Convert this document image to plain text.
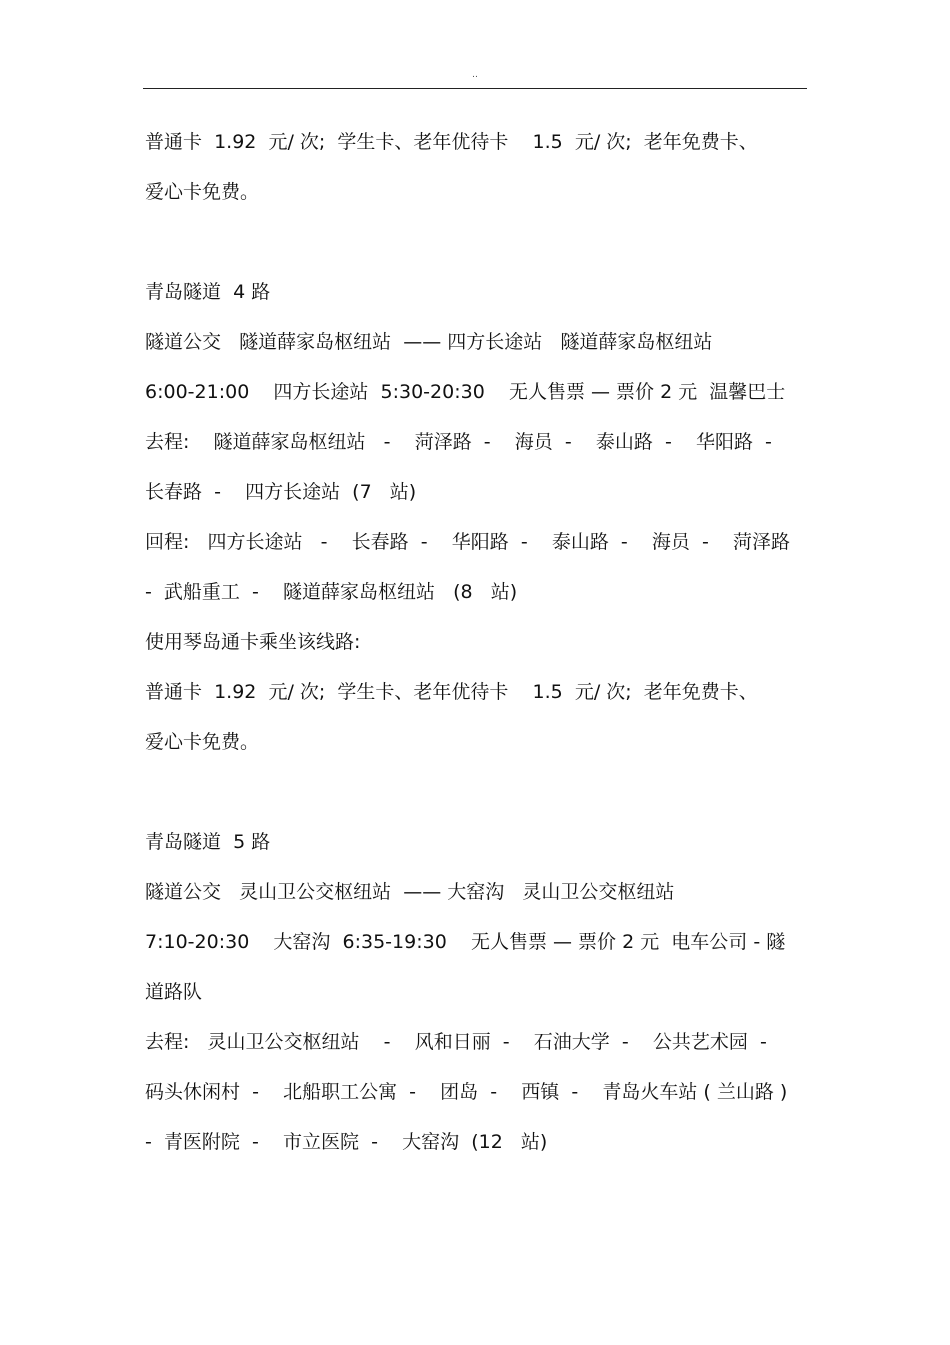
..
普通卡  1.92  元/ 次;  学生卡、老年优待卡    1.5  元/ 次;  老年免费卡、
爱心卡免费。
青岛隧道  4 路
隧道公交   隧道薛家岛枢纽站  —— 四方长途站   隧道薛家岛枢纽站
6:00-21:00    四方长途站  5:30-20:30    无人售票 — 票价 2 元  温馨巴士
去程:    隧道薛家岛枢纽站   -    菏泽路  -    海员  -    泰山路  -    华阳路  -
长春路  -    四方长途站  (7   站)
回程:   四方长途站   -    长春路  -    华阳路  -    泰山路  -    海员  -    菏泽路
-  武船重工  -    隧道薛家岛枢纽站   (8   站)
使用琴岛通卡乘坐该线路:
普通卡  1.92  元/ 次;  学生卡、老年优待卡    1.5  元/ 次;  老年免费卡、
爱心卡免费。
青岛隧道  5 路
隧道公交   灵山卫公交枢纽站  —— 大窑沟   灵山卫公交枢纽站
7:10-20:30    大窑沟  6:35-19:30    无人售票 — 票价 2 元  电车公司 - 隧
道路队
去程:   灵山卫公交枢纽站    -    风和日丽  -    石油大学  -    公共艺术园  -
码头休闲村  -    北船职工公寓  -    团岛  -    西镇  -    青岛火车站 ( 兰山路 )
-  青医附院  -    市立医院  -    大窑沟  (12   站)
